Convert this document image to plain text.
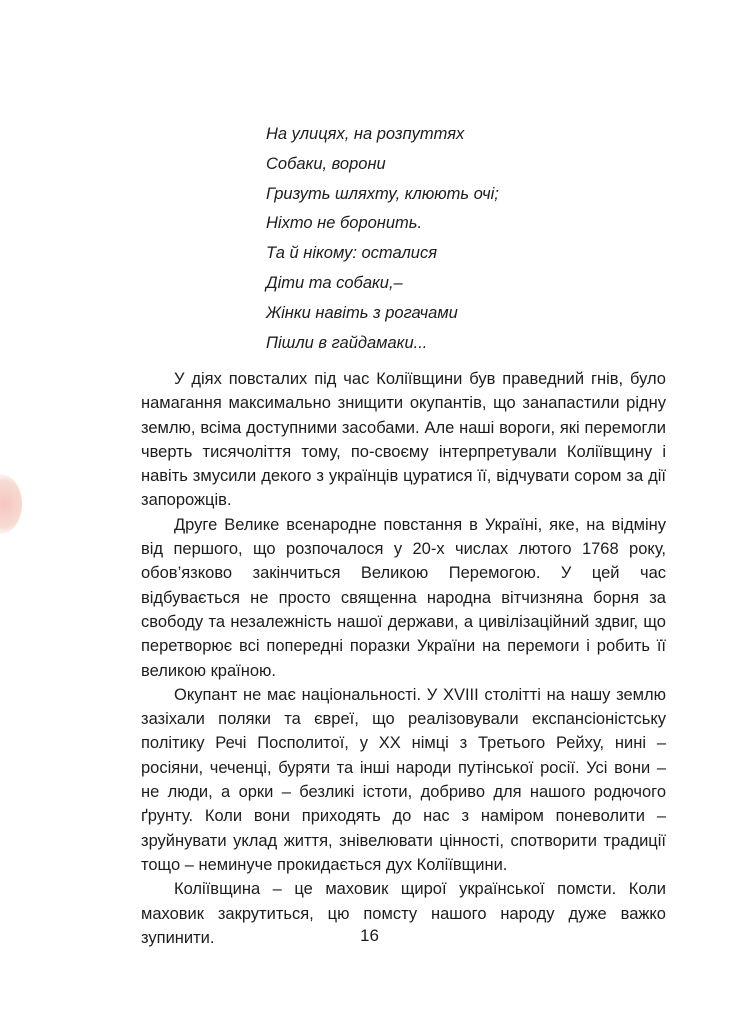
На улицях, на розпуттях
Собаки, ворони
Гризуть шляхту, клюють очі;
Ніхто не боронить.
Та й нікому: осталися
Діти та собаки,–
Жінки навіть з рогачами
Пішли в гайдамаки...

У діях повсталих під час Коліївщини був праведний гнів, було намагання максимально знищити окупантів, що занапастили рідну землю, всіма доступними засобами. Але наші вороги, які перемогли чверть тисячоліття тому, по-своєму інтерпретували Коліївщину і навіть змусили декого з українців цуратися її, відчувати сором за дії запорожців.

Друге Велике всенародне повстання в Україні, яке, на відміну від першого, що розпочалося у 20-х числах лютого 1768 року, обов’язково закінчиться Великою Перемогою. У цей час відбувається не просто священна народна вітчизняна борня за свободу та незалежність нашої держави, а цивілізаційний здвиг, що перетворює всі попередні поразки України на перемоги і робить її великою країною.

Окупант не має національності. У XVIII столітті на нашу землю зазіхали поляки та євреї, що реалізовували експансіоністську політику Речі Посполитої, у XX німці з Третього Рейху, нині – росіяни, чеченці, буряти та інші народи путінської росії. Усі вони – не люди, а орки – безликі істоти, добриво для нашого родючого ґрунту. Коли вони приходять до нас з наміром поневолити – зруйнувати уклад життя, знівелювати цінності, спотворити традиції тощо – неминуче прокидається дух Коліївщини.

Коліївщина – це маховик щирої української помсти. Коли маховик закрутиться, цю помсту нашого народу дуже важко зупинити.	16
